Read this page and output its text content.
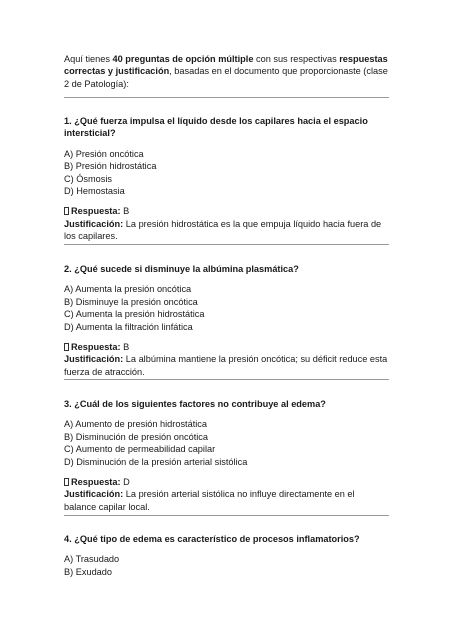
Aquí tienes 40 preguntas de opción múltiple con sus respectivas respuestas correctas y justificación, basadas en el documento que proporcionaste (clase 2 de Patología):

1. ¿Qué fuerza impulsa el líquido desde los capilares hacia el espacio intersticial?

A) Presión oncótica
B) Presión hidrostática
C) Ósmosis
D) Hemostasia

Respuesta: B

Justificación: La presión hidrostática es la que empuja líquido hacia fuera de los capilares.

2. ¿Qué sucede si disminuye la albúmina plasmática?

A) Aumenta la presión oncótica
B) Disminuye la presión oncótica
C) Aumenta la presión hidrostática
D) Aumenta la filtración linfática

Respuesta: B

Justificación: La albúmina mantiene la presión oncótica; su déficit reduce esta fuerza de atracción.

3. ¿Cuál de los siguientes factores no contribuye al edema?

A) Aumento de presión hidrostática
B) Disminución de presión oncótica
C) Aumento de permeabilidad capilar
D) Disminución de la presión arterial sistólica

Respuesta: D

Justificación: La presión arterial sistólica no influye directamente en el balance capilar local.

4. ¿Qué tipo de edema es característico de procesos inflamatorios?

A) Trasudado
B) Exudado
